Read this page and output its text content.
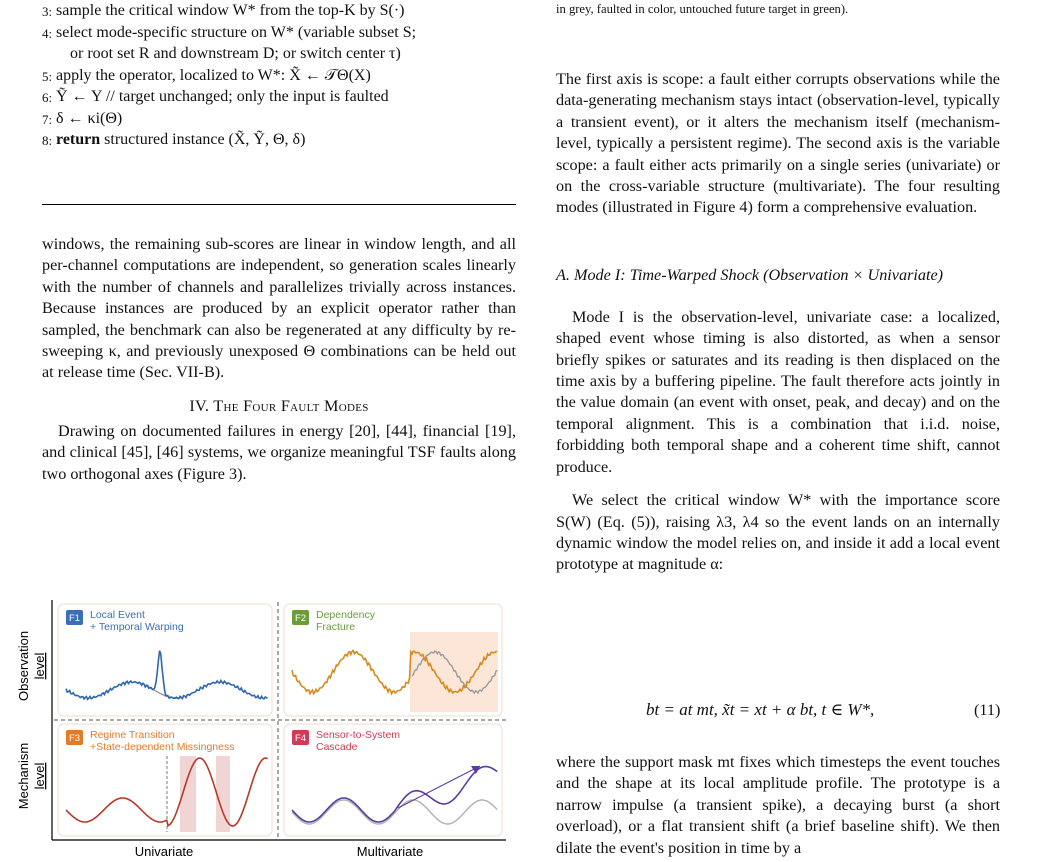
3: sample the critical window W* from the top-K by S(·)
4: select mode-specific structure on W* (variable subset S;
or root set R and downstream D; or switch center τ)
5: apply the operator, localized to W*: X̃ ← 𝒯Θ(X)
6: Ỹ ← Y // target unchanged; only the input is faulted
7: δ ← κi(Θ)
8: return structured instance (X̃, Ỹ, Θ, δ)

windows, the remaining sub-scores are linear in window length, and all per-channel computations are independent, so generation scales linearly with the number of channels and parallelizes trivially across instances. Because instances are produced by an explicit operator rather than sampled, the benchmark can also be regenerated at any difficulty by re-sweeping κ, and previously unexposed Θ combinations can be held out at release time (Sec. VII-B).

IV. The Four Fault Modes

Drawing on documented failures in energy [20], [44], financial [19], and clinical [45], [46] systems, we organize meaningful TSF faults along two orthogonal axes (Figure 3).

Observation level
Mechanism level
F1 Local Event
+ Temporal Warping
F2 Dependency
Fracture
F3 Regime Transition
+State-dependent Missingness
F4 Sensor-to-System
Cascade
Univariate	Multivariate
in grey, faulted in color, untouched future target in green).

The first axis is scope: a fault either corrupts observations while the data-generating mechanism stays intact (observation-level, typically a transient event), or it alters the mechanism itself (mechanism-level, typically a persistent regime). The second axis is the variable scope: a fault either acts primarily on a single series (univariate) or on the cross-variable structure (multivariate). The four resulting modes (illustrated in Figure 4) form a comprehensive evaluation.

A. Mode I: Time-Warped Shock (Observation × Univariate)

Mode I is the observation-level, univariate case: a localized, shaped event whose timing is also distorted, as when a sensor briefly spikes or saturates and its reading is then displaced on the time axis by a buffering pipeline. The fault therefore acts jointly in the value domain (an event with onset, peak, and decay) and on the temporal alignment. This is a combination that i.i.d. noise, forbidding both temporal shape and a coherent time shift, cannot produce.

We select the critical window W* with the importance score S(W) (Eq. (5)), raising λ3, λ4 so the event lands on an internally dynamic window the model relies on, and inside it add a local event prototype at magnitude α:

bt = at mt, x̃t = xt + α bt, t ∈ W*,	(11)

where the support mask mt fixes which timesteps the event touches and the shape at its local amplitude profile. The prototype is a narrow impulse (a transient spike), a decaying burst (a short overload), or a flat transient shift (a brief baseline shift). We then dilate the event's position in time by a
